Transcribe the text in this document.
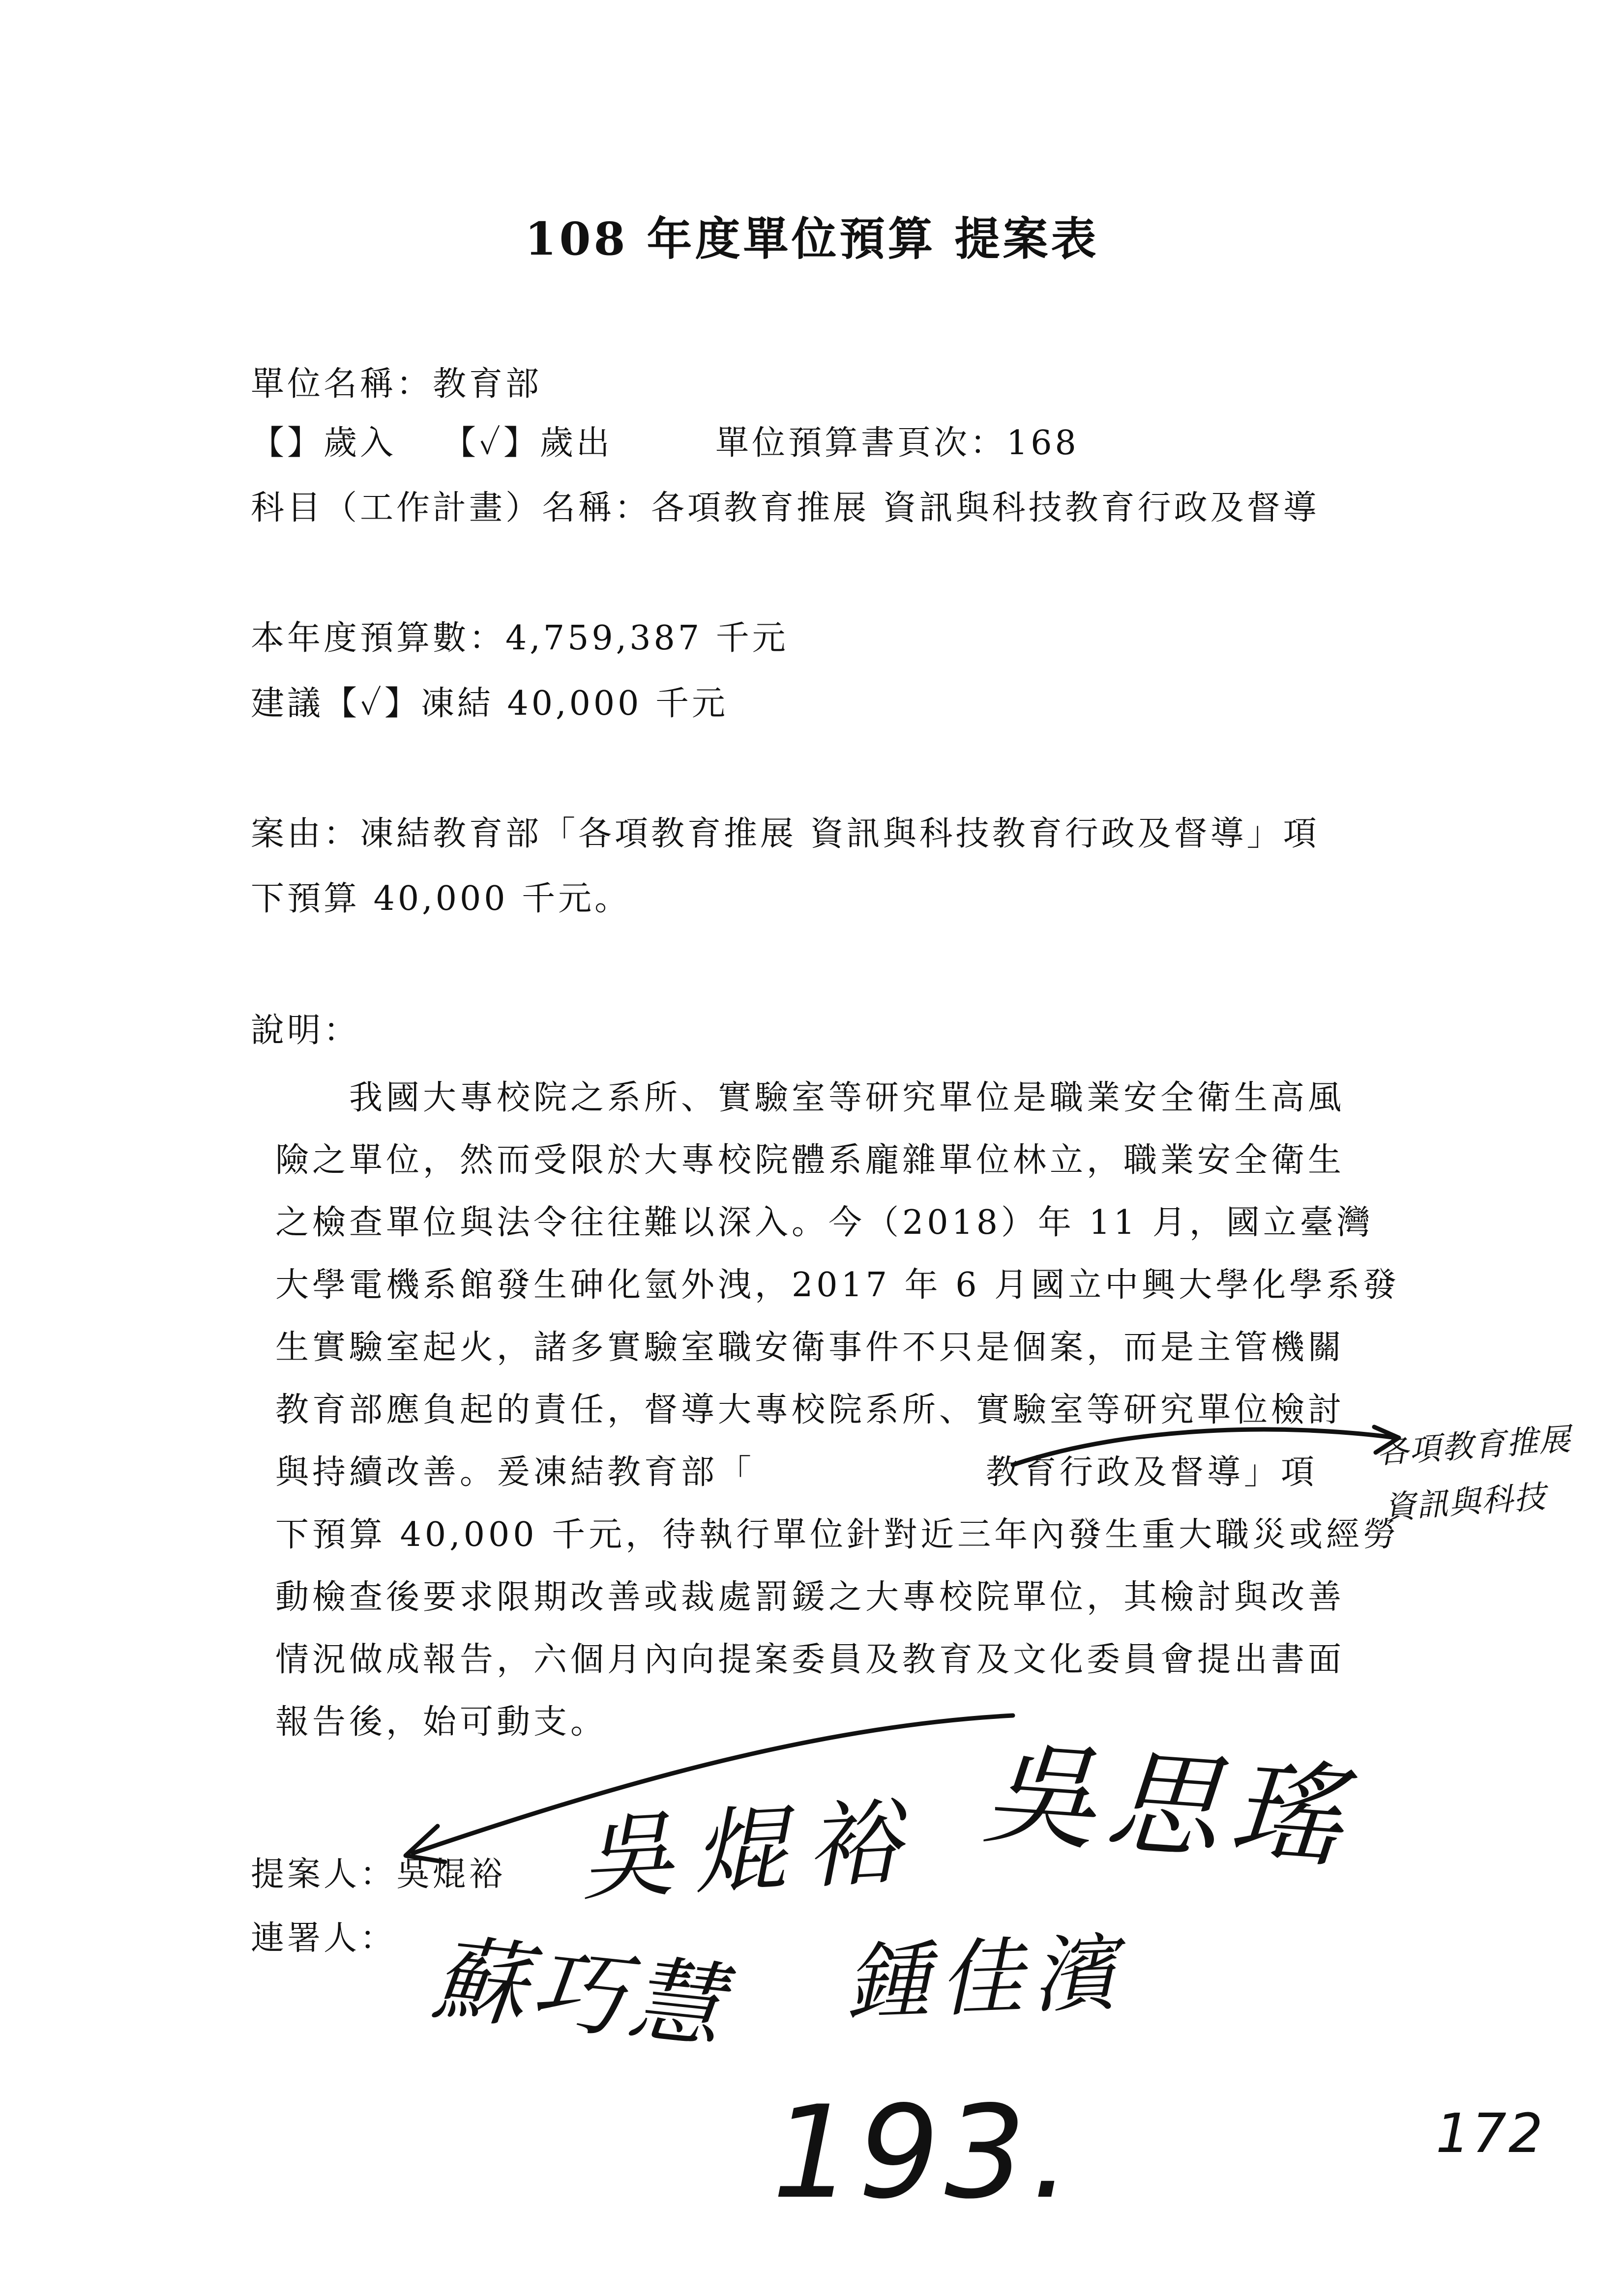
108 年度單位預算 提案表
單位名稱：教育部
【】歲入 【✓】歲出	單位預算書頁次：168
科目（工作計畫）名稱：各項教育推展 資訊與科技教育行政及督導
本年度預算數：4,759,387 千元
建議【✓】凍結 40,000 千元
案由：凍結教育部「各項教育推展 資訊與科技教育行政及督導」項
下預算 40,000 千元。
說明：
我國大專校院之系所、實驗室等研究單位是職業安全衛生高風
險之單位，然而受限於大專校院體系龐雜單位林立，職業安全衛生
之檢查單位與法令往往難以深入。今（2018）年 11 月，國立臺灣
大學電機系館發生砷化氫外洩，2017 年 6 月國立中興大學化學系發
生實驗室起火，諸多實驗室職安衛事件不只是個案，而是主管機關
教育部應負起的責任，督導大專校院系所、實驗室等研究單位檢討
與持續改善。爰凍結教育部「	教育行政及督導」項
下預算 40,000 千元，待執行單位針對近三年內發生重大職災或經勞
動檢查後要求限期改善或裁處罰鍰之大專校院單位，其檢討與改善
情況做成報告，六個月內向提案委員及教育及文化委員會提出書面
報告後，始可動支。
各項教育推展
資訊與科技
提案人：吳焜裕
連署人：
吳焜裕 吳思瑤
蘇巧慧 鍾佳濱
193.	172
